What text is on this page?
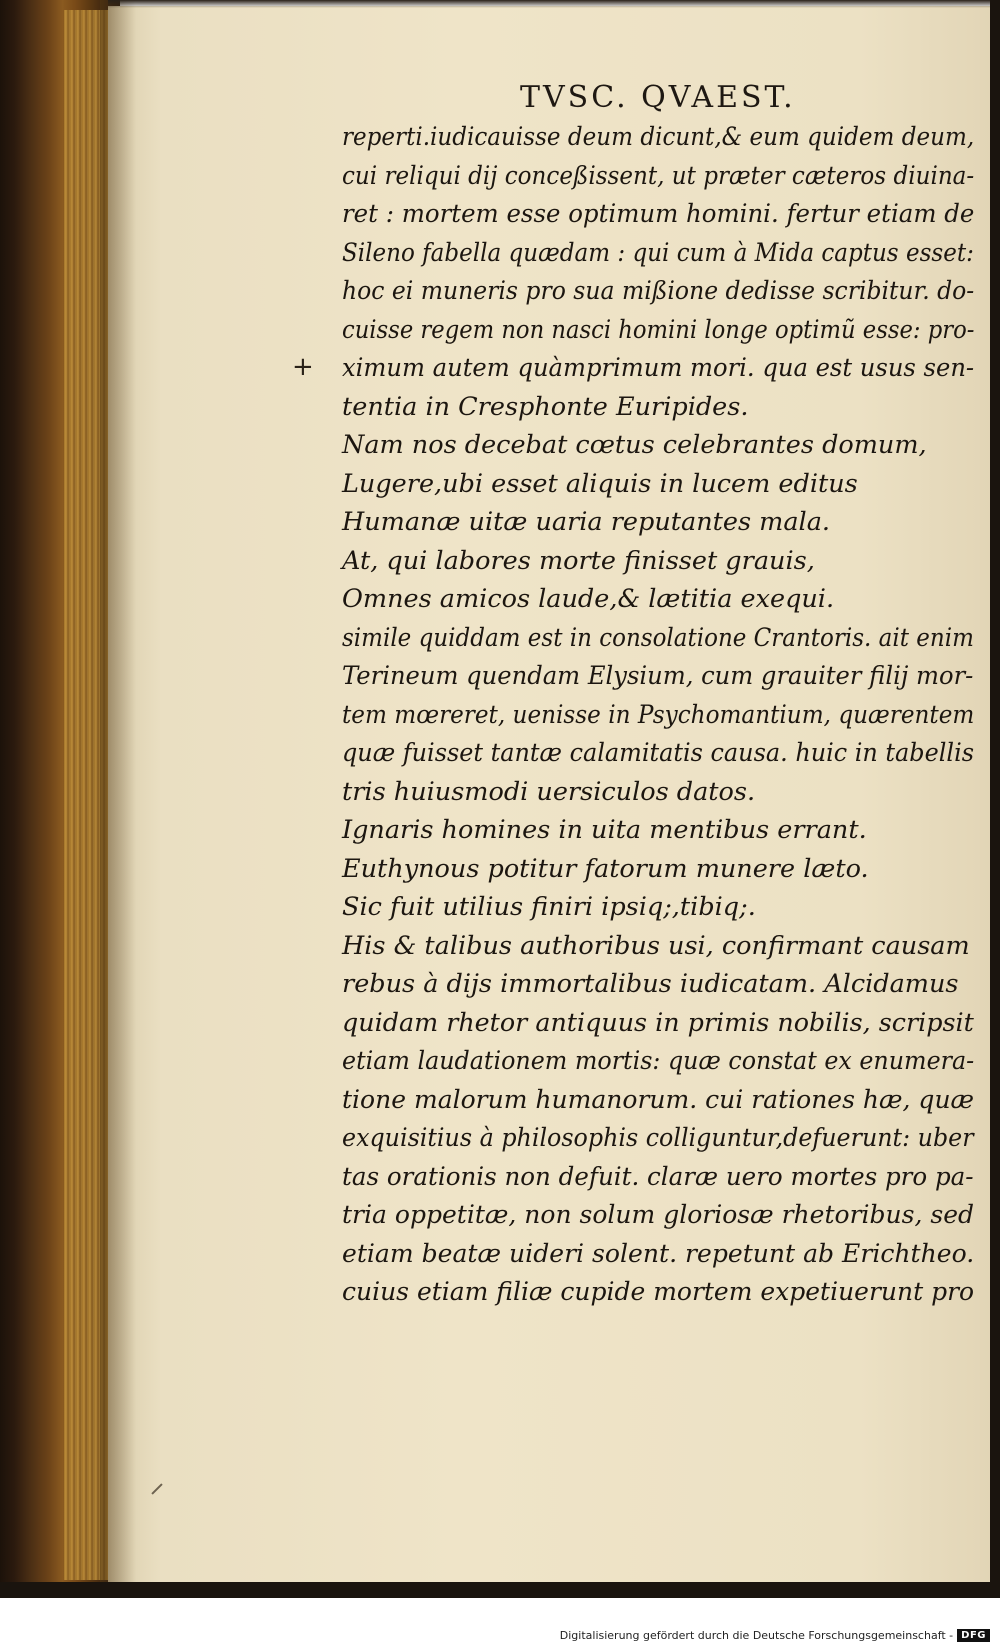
TVSC. QVAEST.
+
reperti.iudicauisse deum dicunt,& eum quidem deum,
cui reliqui dij conceßissent, ut præter cæteros diuina-
ret : mortem esse optimum homini. fertur etiam de
Sileno fabella quædam : qui cum à Mida captus esset:
hoc ei muneris pro sua mißione dedisse scribitur. do-
cuisse regem non nasci homini longe optimũ esse: pro-
ximum autem quàmprimum mori. qua est usus sen-
tentia in Cresphonte Euripides.
Nam nos decebat cœtus celebrantes domum,
Lugere,ubi esset aliquis in lucem editus
Humanæ uitæ uaria reputantes mala.
At, qui labores morte finisset grauis,
Omnes amicos laude,& lætitia exequi.
simile quiddam est in consolatione Crantoris. ait enim
Terineum quendam Elysium, cum grauiter filij mor-
tem mœreret, uenisse in Psychomantium, quærentem
quæ fuisset tantæ calamitatis causa. huic in tabellis
tris huiusmodi uersiculos datos.
Ignaris homines in uita mentibus errant.
Euthynous potitur fatorum munere læto.
Sic fuit utilius finiri ipsiq;,tibiq;.
His & talibus authoribus usi, confirmant causam
rebus à dijs immortalibus iudicatam. Alcidamus
quidam rhetor antiquus in primis nobilis, scripsit
etiam laudationem mortis: quæ constat ex enumera-
tione malorum humanorum. cui rationes hæ, quæ
exquisitius à philosophis colliguntur,defuerunt: uber
tas orationis non defuit. claræ uero mortes pro pa-
tria oppetitæ, non solum gloriosæ rhetoribus, sed
etiam beatæ uideri solent. repetunt ab Erichtheo.
cuius etiam filiæ cupide mortem expetiuerunt pro
Digitalisierung gefördert durch die Deutsche Forschungsgemeinschaft - DFG
